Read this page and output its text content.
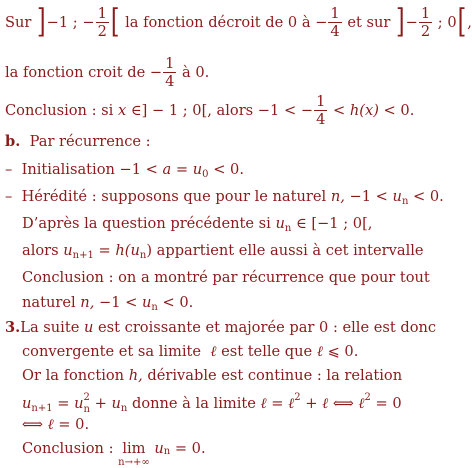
Sur
] −1 ;
− $\frac{1}{2}$ [
la fonction décroit de 0 à
− $\frac{1}{4}$
et sur
] − $\frac{1}{2}$
; 0 [ ,
la fonction croit de
− $\frac{1}{4}$
à 0.
Conclusion : si
x
∈] − 1 ; 0[, alors −1 < − $\frac{1}{4}$
<
h(x)
< 0.
b.
Par récurrence :
–
Initialisation −1 <
a
=
u 0
< 0.
–
Hérédité : supposons que pour le naturel
n,
−1 <
u n
< 0.
D’après la question précédente si
u n
∈ [−1 ; 0[,
alors
u n+1
=
h(u n )
appartient elle aussi à cet intervalle
Conclusion : on a montré par récurrence que pour tout
naturel
n,
−1 <
u n
< 0.
3. La suite
u
est croissante et majorée par 0 : elle est donc
convergente et sa limite
ℓ
est telle que
ℓ
⩽ 0.
Or la fonction
h,
dérivable est continue : la relation
u n+1
=
u 2
n
+
u n
donne à la limite
ℓ
=
ℓ 2
+
ℓ
⟺
ℓ 2
= 0
⟺
ℓ
= 0.
Conclusion :
lim
n→+∞

u n
= 0.
